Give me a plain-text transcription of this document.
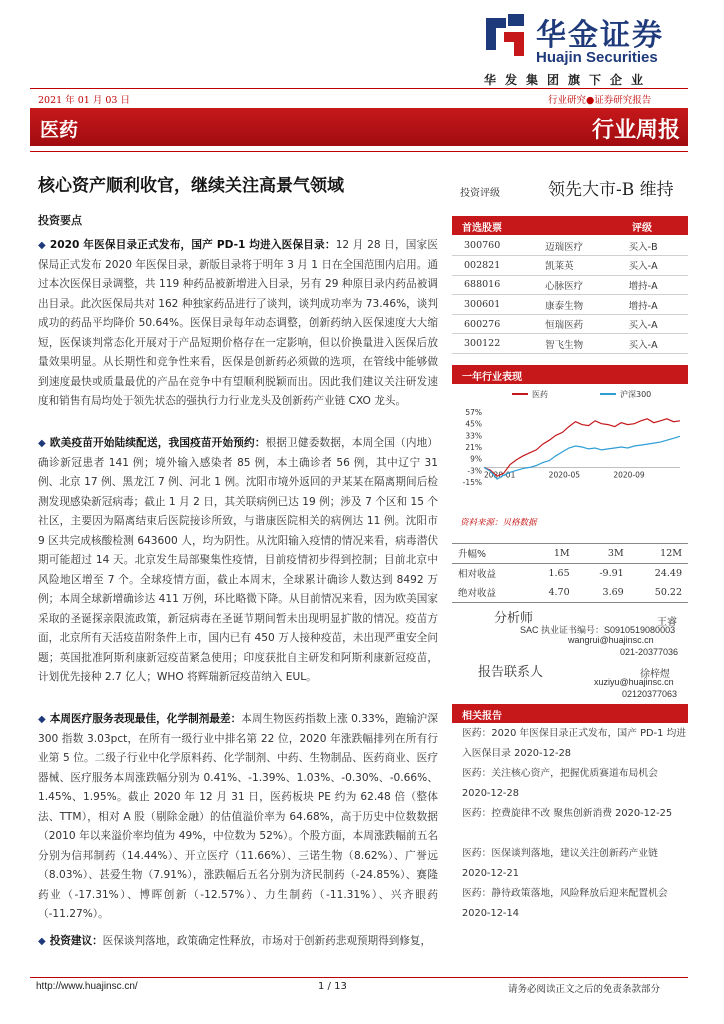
华金证券
Huajin Securities
华发集团旗下企业
2021 年 01 月 03 日	行业研究●证券研究报告
医药	行业周报
核心资产顺利收官，继续关注高景气领域
投资要点
◆ 2020 年医保目录正式发布，国产 PD-1 均进入医保目录：12 月 28 日，国家医保局正式发布 2020 年医保目录，新版目录将于明年 3 月 1 日在全国范围内启用。通过本次医保目录调整，共 119 种药品被新增进入目录，另有 29 种原目录内药品被调出目录。此次医保局共对 162 种独家药品进行了谈判，谈判成功率为 73.46%，谈判成功的药品平均降价 50.64%。医保目录每年动态调整，创新药纳入医保速度大大缩短，医保谈判常态化开展对于产品短期价格存在一定影响，但以价换量进入医保后放量效果明显。从长期性和竞争性来看，医保是创新药必须做的选项，在管线中能够做到速度最快或质量最优的产品在竞争中有望顺利脱颖而出。因此我们建议关注研发速度和销售有局均处于领先状态的强执行力行业龙头及创新药产业链 CXO 龙头。
◆ 欧美疫苗开始陆续配送，我国疫苗开始预约：根据卫健委数据，本周全国（内地）确诊新冠患者 141 例；境外输入感染者 85 例，本土确诊者 56 例，其中辽宁 31 例、北京 17 例、黑龙江 7 例、河北 1 例。沈阳市境外返回的尹某某在隔离期间后检测发现感染新冠病毒；截止 1 月 2 日，其关联病例已达 19 例；涉及 7 个区和 15 个社区，主要因为隔离结束后医院接诊所致，与谐康医院相关的病例达 11 例。沈阳市 9 区共完成核酸检测 643600 人，均为阴性。从沈阳输入疫情的情况来看，病毒潜伏期可能超过 14 天。北京发生局部聚集性疫情，目前疫情初步得到控制；目前北京中风险地区增至 7 个。全球疫情方面，截止本周末，全球累计确诊人数达到 8492 万例；本周全球新增确诊达 411 万例，环比略微下降。从目前情况来看，因为欧美国家采取的圣诞探亲限流政策，新冠病毒在圣诞节期间暂未出现明显扩散的情况。疫苗方面，北京所有天活疫苗附条件上市，国内已有 450 万人接种疫苗，未出现严重安全问题；英国批准阿斯利康新冠疫苗紧急使用；印度获批自主研发和阿斯利康新冠疫苗，计划优先接种 2.7 亿人；WHO 将辉瑞新冠疫苗纳入 EUL。
◆ 本周医疗服务表现最佳，化学制剂最差：本周生物医药指数上涨 0.33%，跑输沪深 300 指数 3.03pct，在所有一级行业中排名第 22 位，2020 年涨跌幅排列在所有行业第 5 位。二级子行业中化学原料药、化学制剂、中药、生物制品、医药商业、医疗器械、医疗服务本周涨跌幅分别为 0.41%、-1.39%、1.03%、-0.30%、-0.66%、1.45%、1.95%。截止 2020 年 12 月 31 日，医药板块 PE 约为 62.48 倍（整体法、TTM），相对 A 股（剔除金融）的估值溢价率为 64.68%，高于历史中位数数据（2010 年以来溢价率均值为 49%，中位数为 52%）。个股方面，本周涨跌幅前五名分别为信邦制药（14.44%）、开立医疗（11.66%）、三诺生物（8.62%）、广誉远（8.03%）、甚爱生物（7.91%），涨跌幅后五名分别为济民制药（-24.85%）、赛隆药业（-17.31%）、博晖创新（-12.57%）、力生制药（-11.31%）、兴齐眼药（-11.27%）。
◆ 投资建议：医保谈判落地，政策确定性释放，市场对于创新药悲观预期得到修复，
投资评级	领先大市-B 维持
首选股票	评级
300760	迈瑞医疗	买入-B
002821	凯莱英	买入-A
688016	心脉医疗	增持-A
300601	康泰生物	增持-A
600276	恒瑞医药	买入-A
300122	智飞生物	买入-A
一年行业表现
医药	沪深300
57%
45%
33%
21%
9%
-3%
-15%
2020-01	2020-05	2020-09
资料来源：贝格数据
升幅%	1M	3M	12M
相对收益	1.65	-9.91	24.49
绝对收益	4.70	3.69	50.22
分析师	王睿
SAC 执业证书编号：S0910519080003
wangrui@huajinsc.cn
021-20377036
报告联系人	徐梓煜
xuziyu@huajinsc.cn
02120377063
相关报告
医药：2020 年医保目录正式发布，国产 PD-1 均进入医保目录 2020-12-28
医药：关注核心资产，把握优质赛道布局机会 2020-12-28
医药：控费旋律不改 聚焦创新消费 2020-12-25
医药：医保谈判落地，建议关注创新药产业链 2020-12-21
医药：静待政策落地，风险释放后迎来配置机会 2020-12-14
http://www.huajinsc.cn/	1 / 13	请务必阅读正文之后的免责条款部分
